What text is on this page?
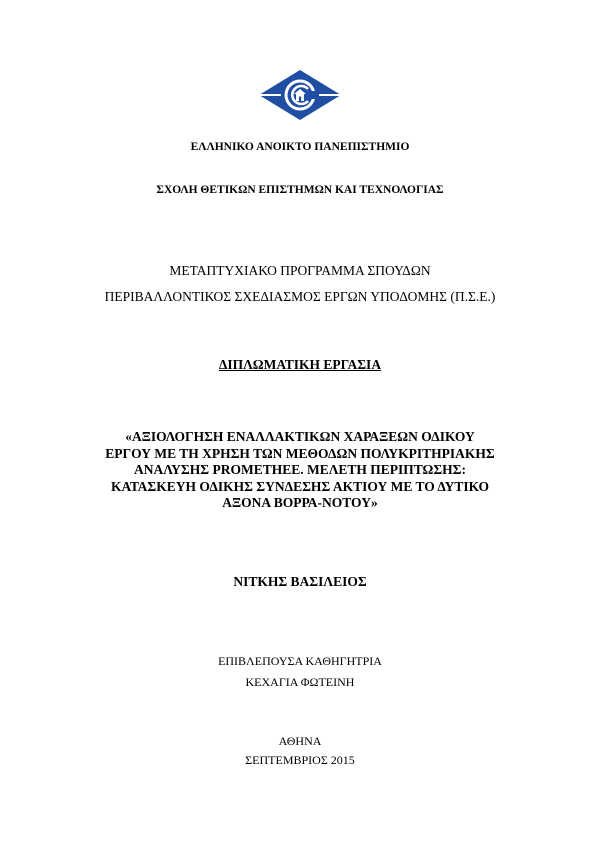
ΕΛΛΗΝΙΚΟ ΑΝΟΙΚΤΟ ΠΑΝΕΠΙΣΤΗΜΙΟ
ΣΧΟΛΗ ΘΕΤΙΚΩΝ ΕΠΙΣΤΗΜΩΝ ΚΑΙ ΤΕΧΝΟΛΟΓΙΑΣ
ΜΕΤΑΠΤΥΧΙΑΚΟ ΠΡΟΓΡΑΜΜΑ ΣΠΟΥΔΩΝ
ΠΕΡΙΒΑΛΛΟΝΤΙΚΟΣ ΣΧΕΔΙΑΣΜΟΣ ΕΡΓΩΝ ΥΠΟΔΟΜΗΣ (Π.Σ.Ε.)
ΔΙΠΛΩΜΑΤΙΚΗ ΕΡΓΑΣΙΑ
«ΑΞΙΟΛΟΓΗΣΗ ΕΝΑΛΛΑΚΤΙΚΩΝ ΧΑΡΑΞΕΩΝ ΟΔΙΚΟΥ
ΕΡΓΟΥ ΜΕ ΤΗ ΧΡΗΣΗ ΤΩΝ ΜΕΘΟΔΩΝ ΠΟΛΥΚΡΙΤΗΡΙΑΚΗΣ
ΑΝΑΛΥΣΗΣ PROMETHEE. ΜΕΛΕΤΗ ΠΕΡΙΠΤΩΣΗΣ:
ΚΑΤΑΣΚΕΥΗ ΟΔΙΚΗΣ ΣΥΝΔΕΣΗΣ ΑΚΤΙΟΥ ΜΕ ΤΟ ΔΥΤΙΚΟ
ΑΞΟΝΑ ΒΟΡΡΑ-ΝΟΤΟΥ»
ΝΙΤΚΗΣ ΒΑΣΙΛΕΙΟΣ
ΕΠΙΒΛΕΠΟΥΣΑ ΚΑΘΗΓΗΤΡΙΑ
ΚΕΧΑΓΙΑ ΦΩΤΕΙΝΗ
ΑΘΗΝΑ
ΣΕΠΤΕΜΒΡΙΟΣ 2015
